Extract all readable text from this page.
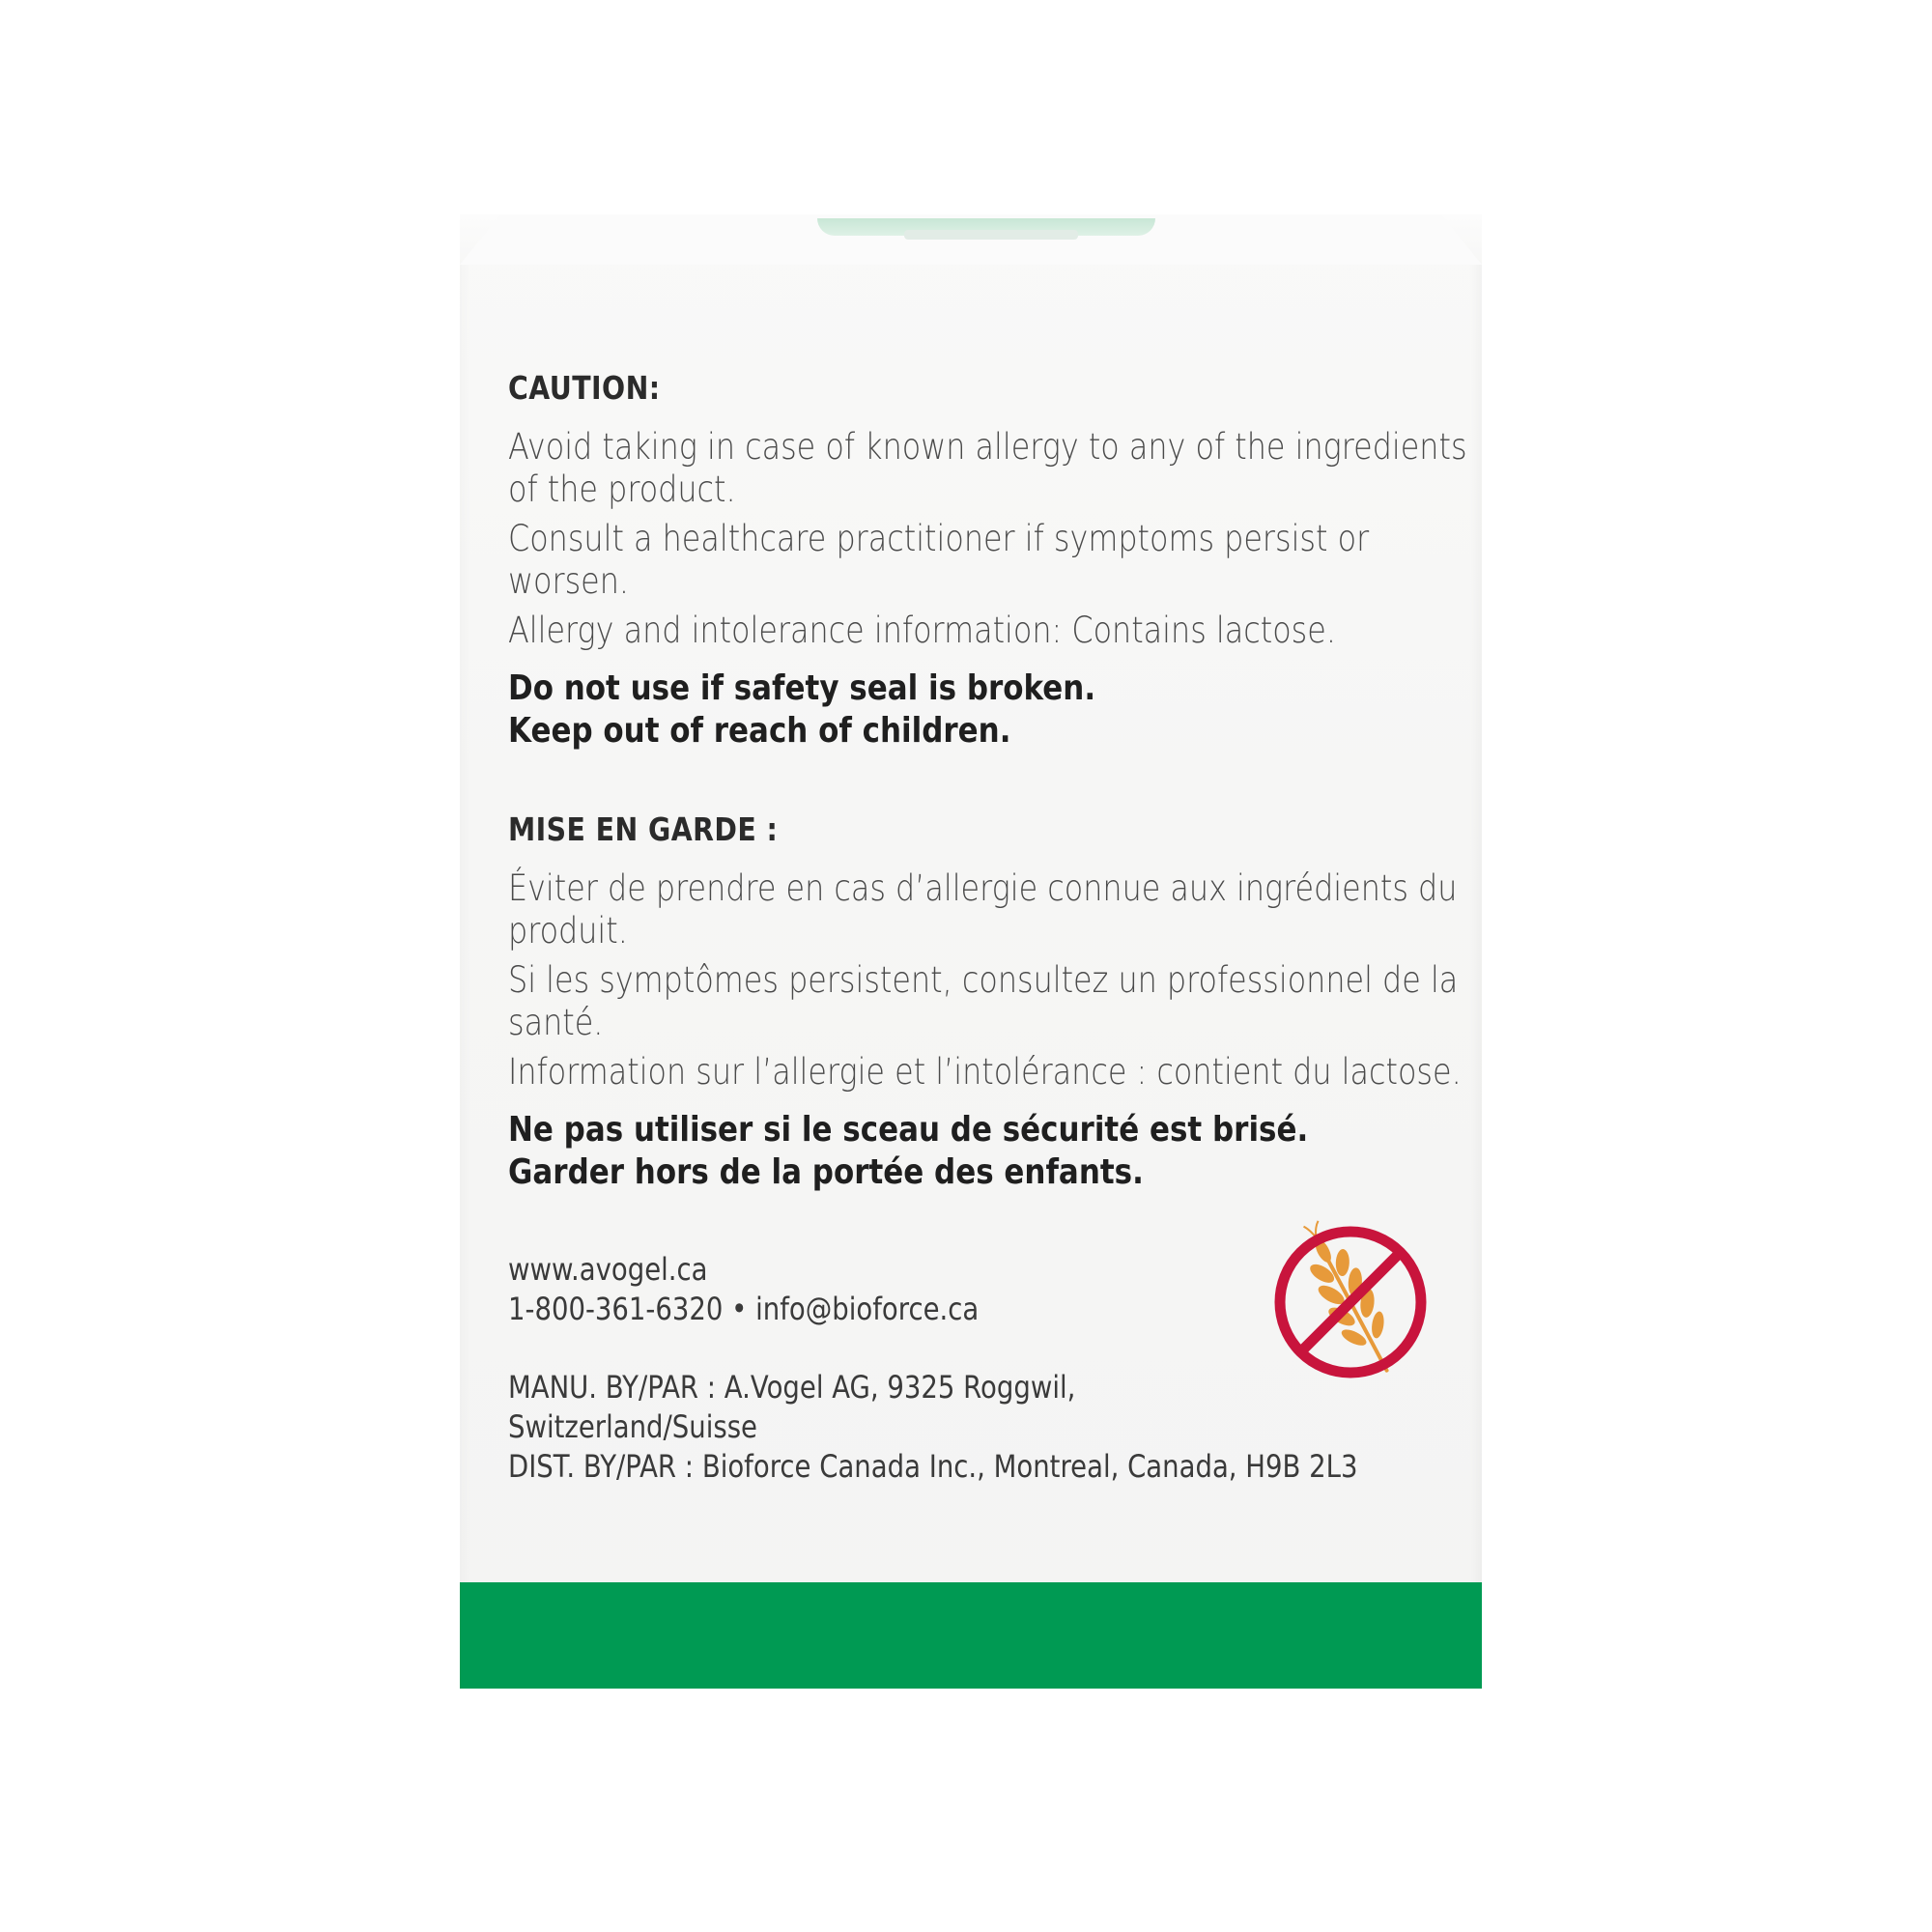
CAUTION:
Avoid taking in case of known allergy to any of the ingredients of the product.
Consult a healthcare practitioner if symptoms persist or worsen.
Allergy and intolerance information: Contains lactose.
Do not use if safety seal is broken.
Keep out of reach of children.
MISE EN GARDE :
Éviter de prendre en cas d’allergie connue aux ingrédients du produit.
Si les symptômes persistent, consultez un professionnel de la santé.
Information sur l’allergie et l’intolérance : contient du lactose.
Ne pas utiliser si le sceau de sécurité est brisé.
Garder hors de la portée des enfants.
www.avogel.ca
1-800-361-6320 • info@bioforce.ca
MANU. BY/PAR : A.Vogel AG, 9325 Roggwil,
Switzerland/Suisse
DIST. BY/PAR : Bioforce Canada Inc., Montreal, Canada, H9B 2L3
